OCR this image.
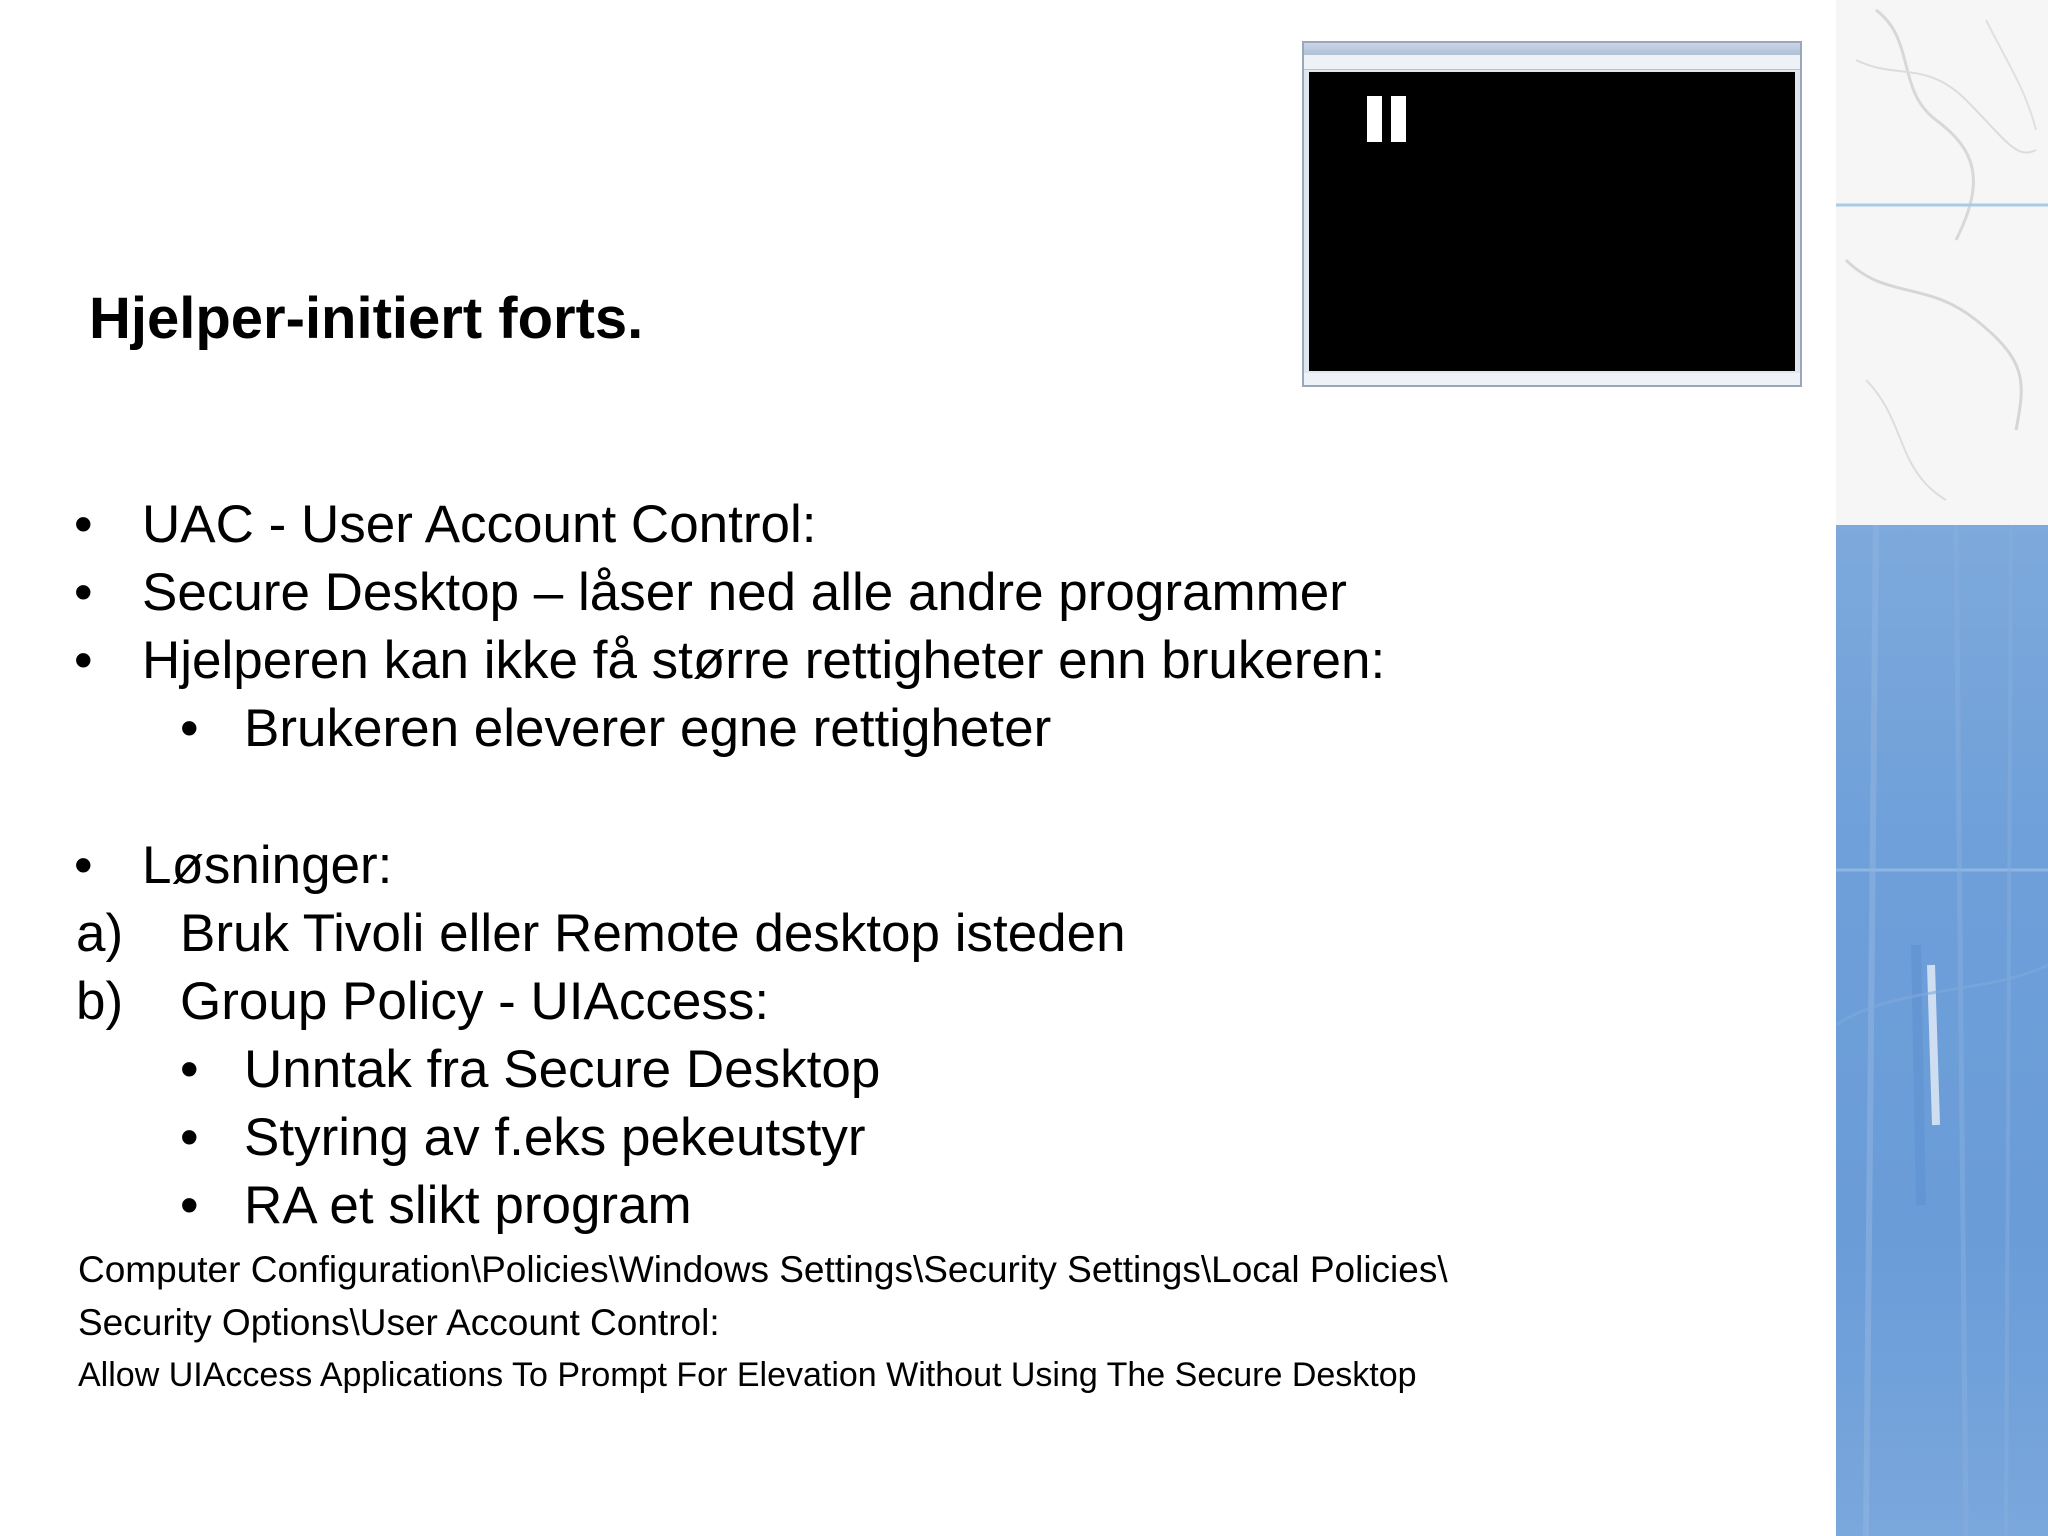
Hjelper-initiert forts.
• UAC - User Account Control:
• Secure Desktop – låser ned alle andre programmer
• Hjelperen kan ikke få større rettigheter enn brukeren:
• Brukeren eleverer egne rettigheter
• Løsninger:
a) Bruk Tivoli eller Remote desktop isteden
b) Group Policy - UIAccess:
• Unntak fra Secure Desktop
• Styring av f.eks pekeutstyr
• RA et slikt program
Computer Configuration\Policies\Windows Settings\Security Settings\Local Policies\
Security Options\User Account Control:
Allow UIAccess Applications To Prompt For Elevation Without Using The Secure Desktop
